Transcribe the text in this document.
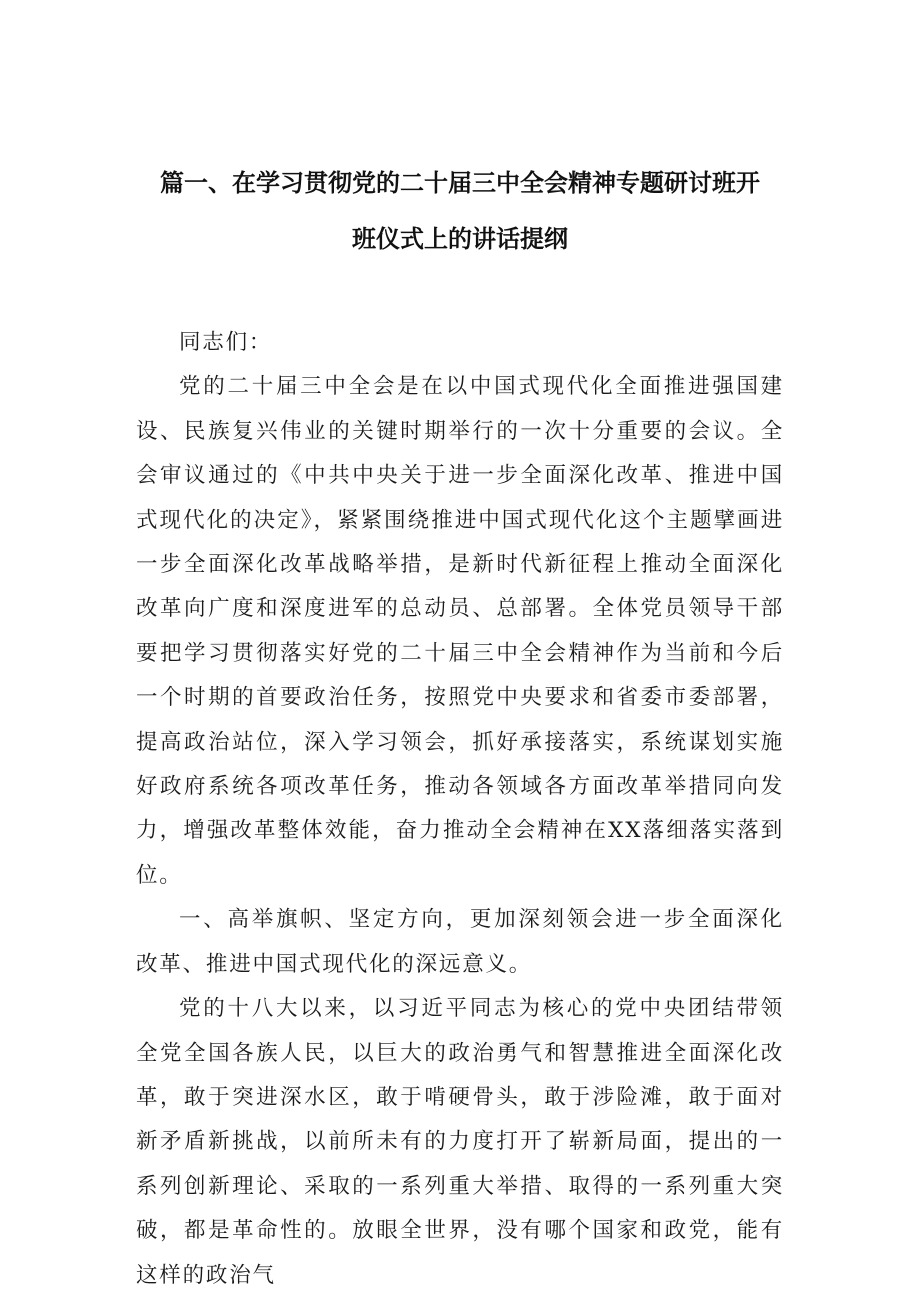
篇一、在学习贯彻党的二十届三中全会精神专题研讨班开
班仪式上的讲话提纲

同志们：

党的二十届三中全会是在以中国式现代化全面推进强国建设、民族复兴伟业的关键时期举行的一次十分重要的会议。全会审议通过的《中共中央关于进一步全面深化改革、推进中国式现代化的决定》，紧紧围绕推进中国式现代化这个主题擘画进一步全面深化改革战略举措，是新时代新征程上推动全面深化改革向广度和深度进军的总动员、总部署。全体党员领导干部要把学习贯彻落实好党的二十届三中全会精神作为当前和今后一个时期的首要政治任务，按照党中央要求和省委市委部署，提高政治站位，深入学习领会，抓好承接落实，系统谋划实施好政府系统各项改革任务，推动各领域各方面改革举措同向发力，增强改革整体效能，奋力推动全会精神在XX落细落实落到位。

一、高举旗帜、坚定方向，更加深刻领会进一步全面深化改革、推进中国式现代化的深远意义。

党的十八大以来，以习近平同志为核心的党中央团结带领全党全国各族人民，以巨大的政治勇气和智慧推进全面深化改革，敢于突进深水区，敢于啃硬骨头，敢于涉险滩，敢于面对新矛盾新挑战，以前所未有的力度打开了崭新局面，提出的一系列创新理论、采取的一系列重大举措、取得的一系列重大突破，都是革命性的。放眼全世界，没有哪个国家和政党，能有这样的政治气
